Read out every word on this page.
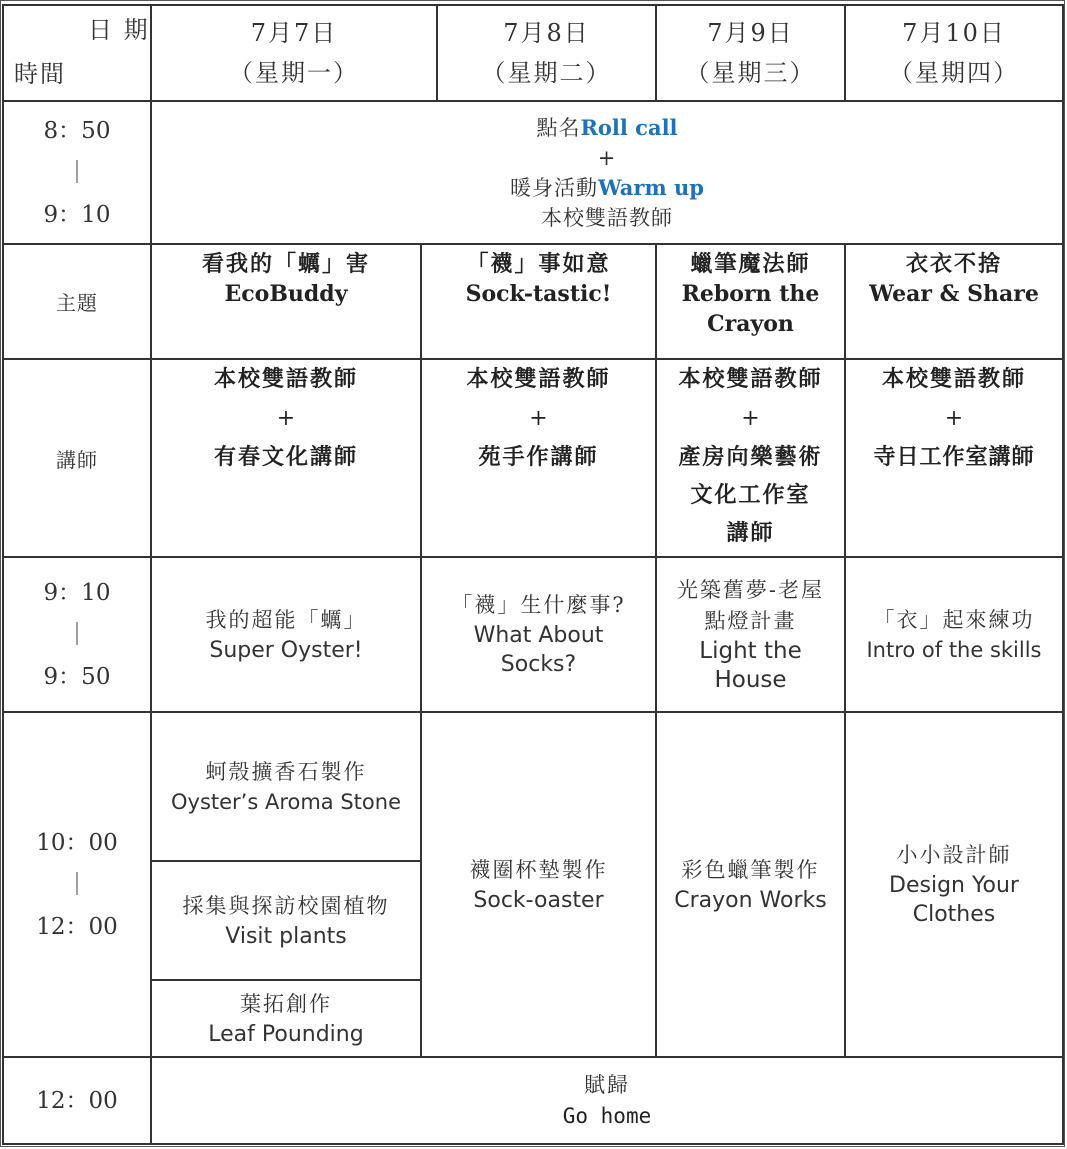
日 期
時間
7月7日
（星期一）
7月8日
（星期二）
7月9日
（星期三）
7月10日
（星期四）
8：50
｜
9：10
點名Roll call
+
暖身活動Warm up
本校雙語教師
主題
看我的「蠣」害
EcoBuddy
「襪」事如意
Sock-tastic!
蠟筆魔法師
Reborn the Crayon
衣衣不捨
Wear & Share
講師
本校雙語教師
+
有春文化講師
本校雙語教師
+
苑手作講師
本校雙語教師
+
產房向樂藝術
文化工作室
講師
本校雙語教師
+
寺日工作室講師
9：10
｜
9：50
我的超能「蠣」
Super Oyster!
「襪」生什麼事?
What About
Socks?
光築舊夢-老屋
點燈計畫
Light the
House
「衣」起來練功
Intro of the skills
10：00
｜
12：00
蚵殼擴香石製作
Oyster’s Aroma Stone
採集與探訪校園植物
Visit plants
葉拓創作
Leaf Pounding
襪圈杯墊製作
Sock-oaster
彩色蠟筆製作
Crayon Works
小小設計師
Design Your
Clothes
12：00
賦歸
Go home
